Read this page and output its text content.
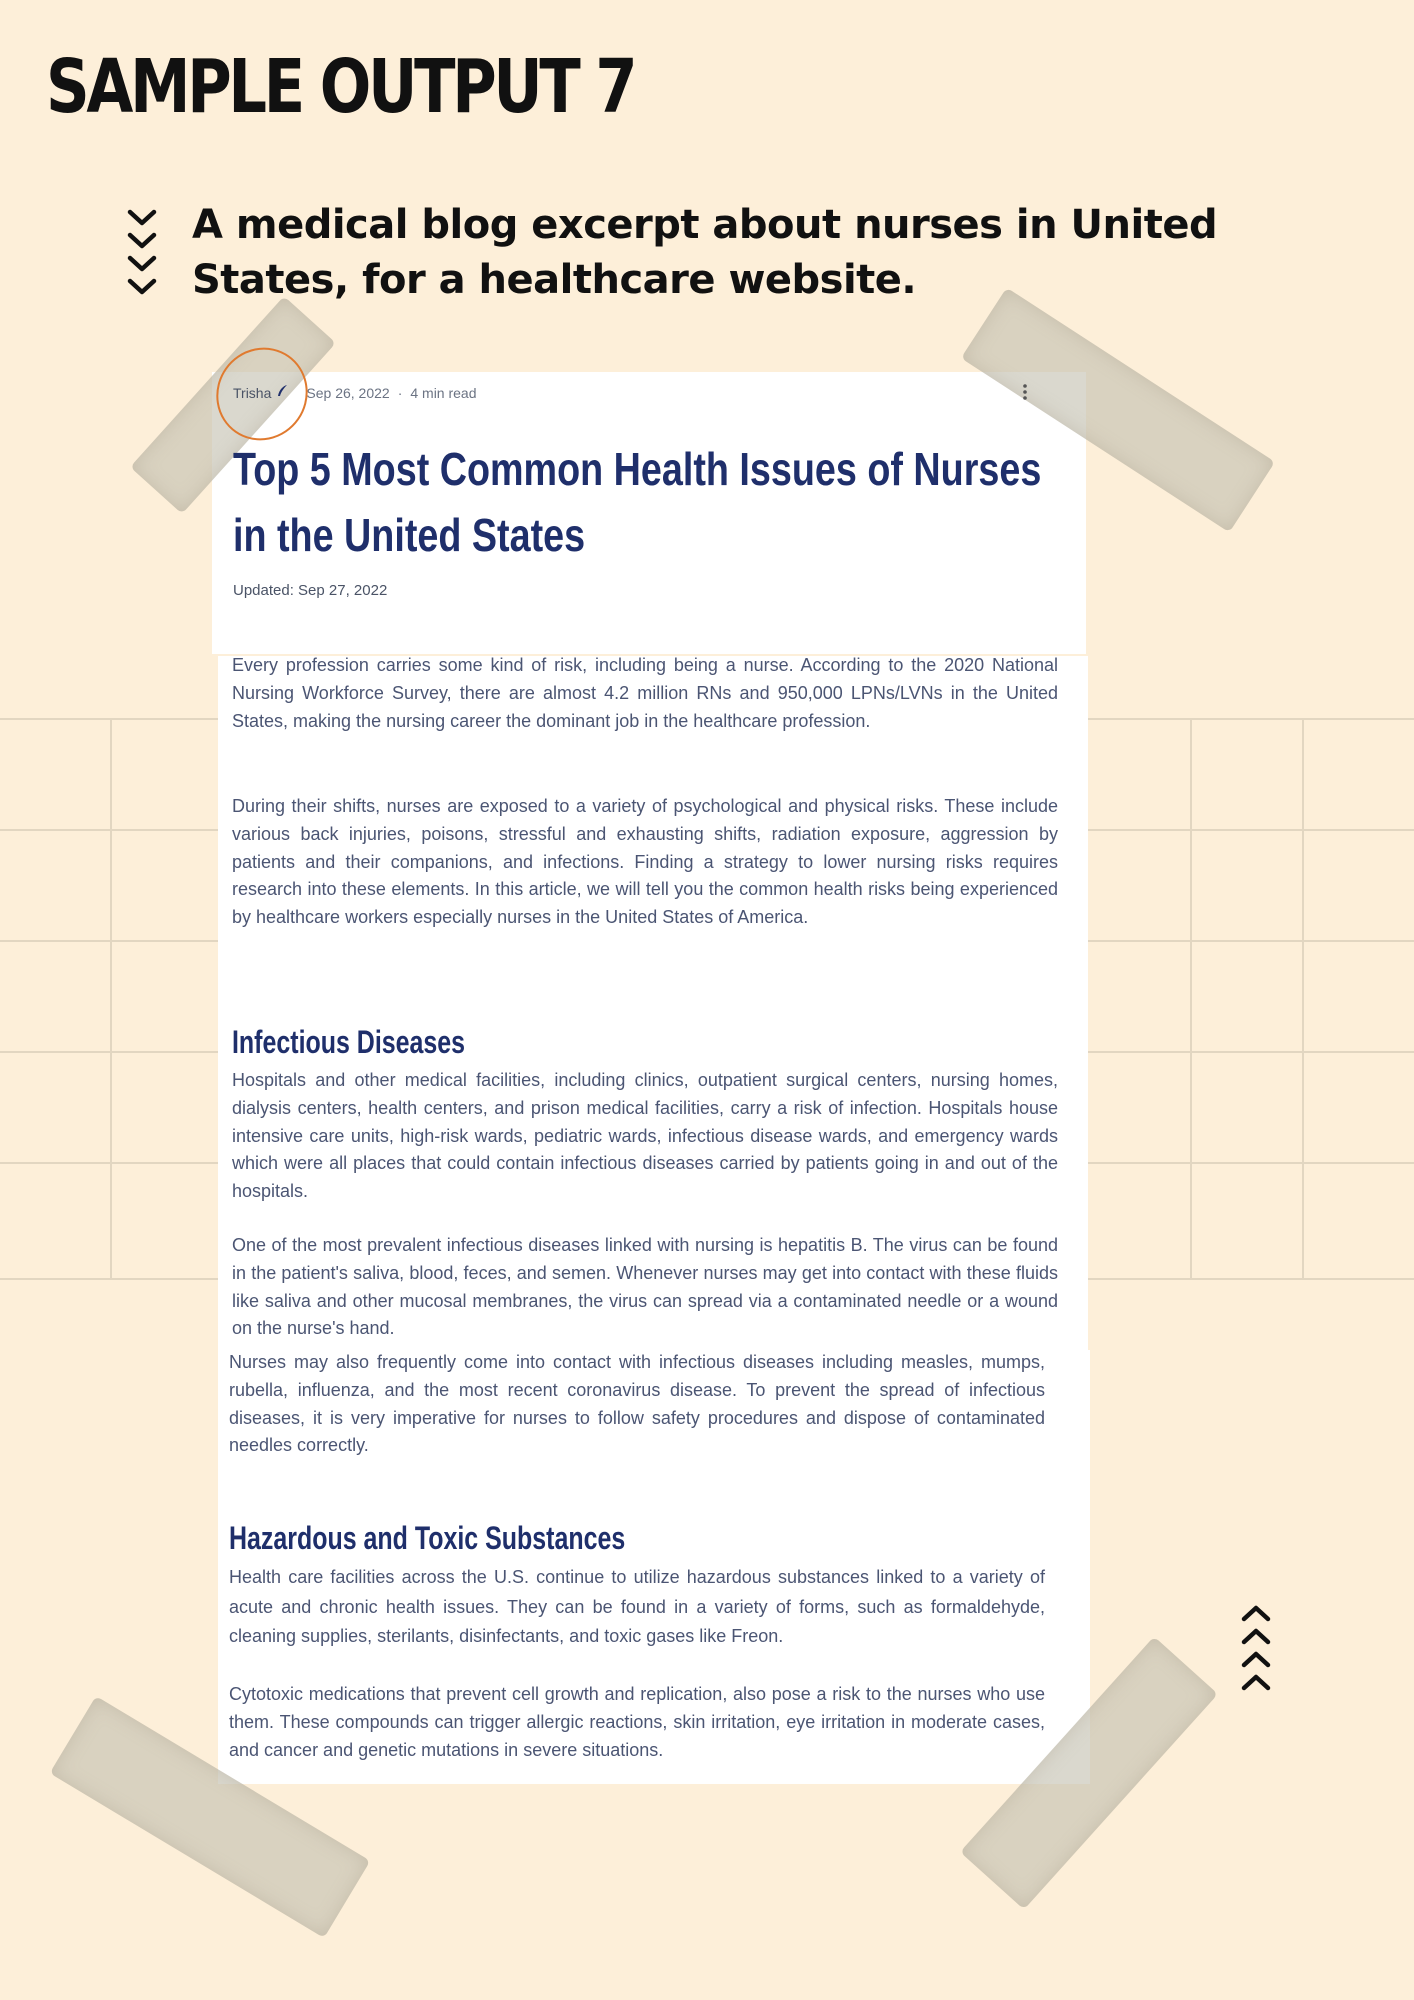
SAMPLE OUTPUT 7
A medical blog excerpt about nurses in United States, for a healthcare website.
Trisha	Sep 26, 2022 · 4 min read
Top 5 Most Common Health Issues of Nurses in the United States
Updated: Sep 27, 2022
Every profession carries some kind of risk, including being a nurse. According to the 2020 National Nursing Workforce Survey, there are almost 4.2 million RNs and 950,000 LPNs/LVNs in the United States, making the nursing career the dominant job in the healthcare profession.
During their shifts, nurses are exposed to a variety of psychological and physical risks. These include various back injuries, poisons, stressful and exhausting shifts, radiation exposure, aggression by patients and their companions, and infections. Finding a strategy to lower nursing risks requires research into these elements. In this article, we will tell you the common health risks being experienced by healthcare workers especially nurses in the United States of America.
Infectious Diseases
Hospitals and other medical facilities, including clinics, outpatient surgical centers, nursing homes, dialysis centers, health centers, and prison medical facilities, carry a risk of infection. Hospitals house intensive care units, high-risk wards, pediatric wards, infectious disease wards, and emergency wards which were all places that could contain infectious diseases carried by patients going in and out of the hospitals.
One of the most prevalent infectious diseases linked with nursing is hepatitis B. The virus can be found in the patient's saliva, blood, feces, and semen. Whenever nurses may get into contact with these fluids like saliva and other mucosal membranes, the virus can spread via a contaminated needle or a wound on the nurse's hand.
Nurses may also frequently come into contact with infectious diseases including measles, mumps, rubella, influenza, and the most recent coronavirus disease. To prevent the spread of infectious diseases, it is very imperative for nurses to follow safety procedures and dispose of contaminated needles correctly.
Hazardous and Toxic Substances
Health care facilities across the U.S. continue to utilize hazardous substances linked to a variety of acute and chronic health issues. They can be found in a variety of forms, such as formaldehyde, cleaning supplies, sterilants, disinfectants, and toxic gases like Freon.
Cytotoxic medications that prevent cell growth and replication, also pose a risk to the nurses who use them. These compounds can trigger allergic reactions, skin irritation, eye irritation in moderate cases, and cancer and genetic mutations in severe situations.
